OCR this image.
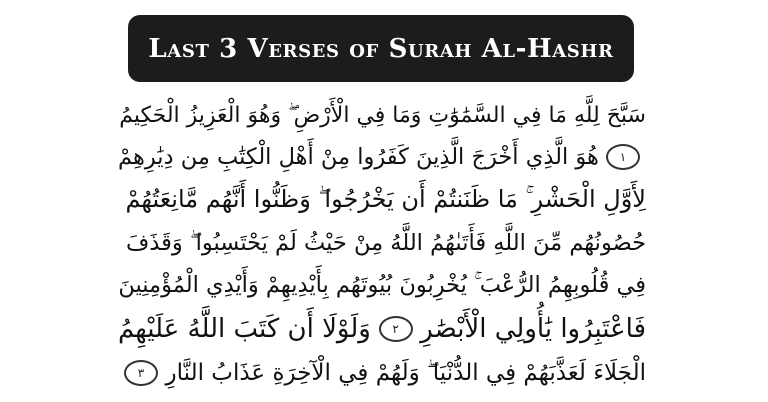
Last 3 Verses of Surah Al-Hashr
سَبَّحَ لِلَّهِ مَا فِي السَّمَٰوَٰتِ وَمَا فِي الْأَرْضِ ۖ وَهُوَ الْعَزِيزُ الْحَكِيمُ
١
هُوَ الَّذِي أَخْرَجَ الَّذِينَ كَفَرُوا مِنْ أَهْلِ الْكِتَٰبِ مِن دِيَٰرِهِمْ
لِأَوَّلِ الْحَشْرِ ۚ مَا ظَنَنتُمْ أَن يَخْرُجُوا ۖ وَظَنُّوا أَنَّهُم مَّانِعَتُهُمْ
حُصُونُهُم مِّنَ اللَّهِ فَأَتَىٰهُمُ اللَّهُ مِنْ حَيْثُ لَمْ يَحْتَسِبُوا ۖ وَقَذَفَ
فِي قُلُوبِهِمُ الرُّعْبَ ۚ يُخْرِبُونَ بُيُوتَهُم بِأَيْدِيهِمْ وَأَيْدِي الْمُؤْمِنِينَ
فَاعْتَبِرُوا يَٰأُولِي الْأَبْصَٰرِ
٢
وَلَوْلَا أَن كَتَبَ اللَّهُ عَلَيْهِمُ
الْجَلَاءَ لَعَذَّبَهُمْ فِي الدُّنْيَا ۖ وَلَهُمْ فِي الْآخِرَةِ عَذَابُ النَّارِ
٣
